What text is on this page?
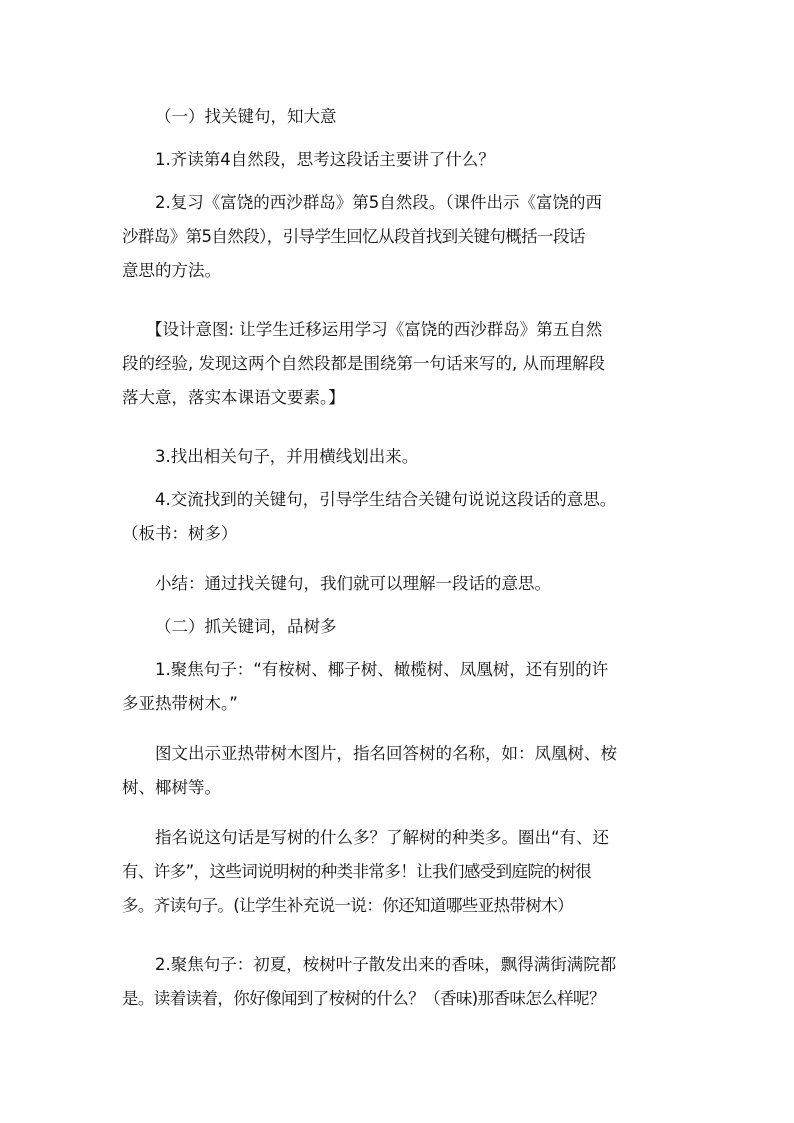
（一）找关键句，知大意

1.齐读第4自然段，思考这段话主要讲了什么？

2.复习《富饶的西沙群岛》第5自然段。（课件出示《富饶的西
沙群岛》第5自然段），引导学生回忆从段首找到关键句概括一段话
意思的方法。

【设计意图: 让学生迁移运用学习《富饶的西沙群岛》第五自然
段的经验, 发现这两个自然段都是围绕第一句话来写的, 从而理解段
落大意，落实本课语文要素。】

3.找出相关句子，并用横线划出来。

4.交流找到的关键句，引导学生结合关键句说说这段话的意思。
（板书：树多）

小结：通过找关键句，我们就可以理解一段话的意思。

（二）抓关键词，品树多

1.聚焦句子：“有桉树、椰子树、橄榄树、凤凰树，还有别的许
多亚热带树木。”

图文出示亚热带树木图片，指名回答树的名称，如：凤凰树、桉
树、椰树等。

指名说这句话是写树的什么多？了解树的种类多。圈出“有、还
有、许多”，这些词说明树的种类非常多！让我们感受到庭院的树很
多。齐读句子。(让学生补充说一说：你还知道哪些亚热带树木）

2.聚焦句子：初夏，桉树叶子散发出来的香味，飘得满街满院都
是。读着读着，你好像闻到了桉树的什么？（香味)那香味怎么样呢？
